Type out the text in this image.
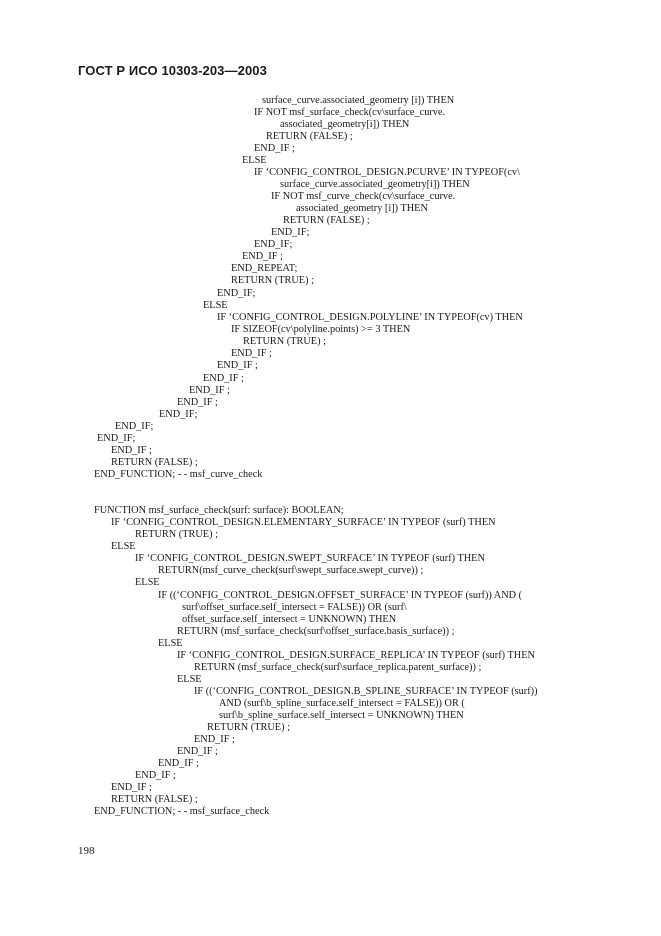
ГОСТ Р ИСО 10303-203—2003
surface_curve.associated_geometry [i]) THEN
IF NOT msf_surface_check(cv\surface_curve.
associated_geometry[i]) THEN
RETURN (FALSE) ;
END_IF ;
ELSE
IF ‘CONFIG_CONTROL_DESIGN.PCURVE’ IN TYPEOF(cv\
surface_curve.associated_geometry[i]) THEN
IF NOT msf_curve_check(cv\surface_curve.
associated_geometry [i]) THEN
RETURN (FALSE) ;
END_IF;
END_IF;
END_IF ;
END_REPEAT;
RETURN (TRUE) ;
END_IF;
ELSE
IF ‘CONFIG_CONTROL_DESIGN.POLYLINE’ IN TYPEOF(cv) THEN
IF SIZEOF(cv\polyline.points) >= 3 THEN
RETURN (TRUE) ;
END_IF ;
END_IF ;
END_IF ;
END_IF ;
END_IF ;
END_IF;
END_IF;
END_IF;
END_IF ;
RETURN (FALSE) ;
END_FUNCTION; - - msf_curve_check
FUNCTION msf_surface_check(surf: surface): BOOLEAN;
IF ‘CONFIG_CONTROL_DESIGN.ELEMENTARY_SURFACE’ IN TYPEOF (surf) THEN
RETURN (TRUE) ;
ELSE
IF ‘CONFIG_CONTROL_DESIGN.SWEPT_SURFACE’ IN TYPEOF (surf) THEN
RETURN(msf_curve_check(surf\swept_surface.swept_curve)) ;
ELSE
IF ((‘CONFIG_CONTROL_DESIGN.OFFSET_SURFACE’ IN TYPEOF (surf)) AND (
surf\offset_surface.self_intersect = FALSE)) OR (surf\
offset_surface.self_intersect = UNKNOWN) THEN
RETURN (msf_surface_check(surf\offset_surface.basis_surface)) ;
ELSE
IF ‘CONFIG_CONTROL_DESIGN.SURFACE_REPLICA’ IN TYPEOF (surf) THEN
RETURN (msf_surface_check(surf\surface_replica.parent_surface)) ;
ELSE
IF ((‘CONFIG_CONTROL_DESIGN.B_SPLINE_SURFACE’ IN TYPEOF (surf))
AND (surf\b_spline_surface.self_intersect = FALSE)) OR (
surf\b_spline_surface.self_intersect = UNKNOWN) THEN
RETURN (TRUE) ;
END_IF ;
END_IF ;
END_IF ;
END_IF ;
END_IF ;
RETURN (FALSE) ;
END_FUNCTION; - - msf_surface_check
198
